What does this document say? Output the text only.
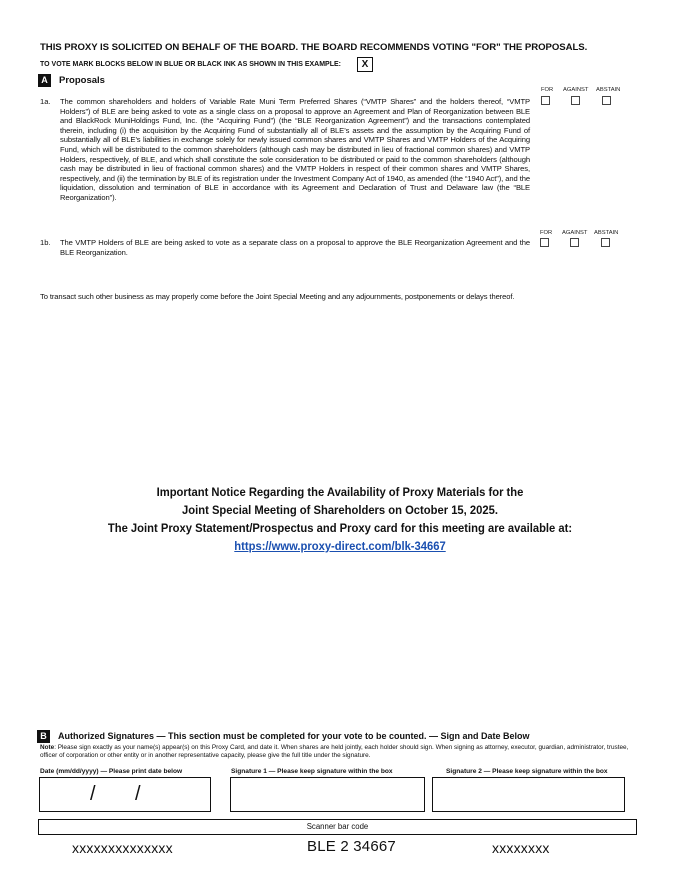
THIS PROXY IS SOLICITED ON BEHALF OF THE BOARD. THE BOARD RECOMMENDS VOTING "FOR" THE PROPOSALS.
TO VOTE MARK BLOCKS BELOW IN BLUE OR BLACK INK AS SHOWN IN THIS EXAMPLE:	X
A	Proposals
FOR AGAINST ABSTAIN
1a. The common shareholders and holders of Variable Rate Muni Term Preferred Shares (“VMTP Shares” and the holders thereof, “VMTP Holders”) of BLE are being asked to vote as a single class on a proposal to approve an Agreement and Plan of Reorganization between BLE and BlackRock MuniHoldings Fund, Inc. (the “Acquiring Fund”) (the “BLE Reorganization Agreement”) and the transactions contemplated therein, including (i) the acquisition by the Acquiring Fund of substantially all of BLE’s assets and the assumption by the Acquiring Fund of substantially all of BLE’s liabilities in exchange solely for newly issued common shares and VMTP Shares and VMTP Holders of the Acquiring Fund, which will be distributed to the common shareholders (although cash may be distributed in lieu of fractional common shares) and VMTP Holders, respectively, of BLE, and which shall constitute the sole consideration to be distributed or paid to the common shareholders (although cash may be distributed in lieu of fractional common shares) and the VMTP Holders in respect of their common shares and VMTP Shares, respectively, and (ii) the termination by BLE of its registration under the Investment Company Act of 1940, as amended (the “1940 Act”), and the liquidation, dissolution and termination of BLE in accordance with its Agreement and Declaration of Trust and Delaware law (the “BLE Reorganization”).
FOR AGAINST ABSTAIN
1b. The VMTP Holders of BLE are being asked to vote as a separate class on a proposal to approve the BLE Reorganization Agreement and the BLE Reorganization.
To transact such other business as may properly come before the Joint Special Meeting and any adjournments, postponements or delays thereof.
Important Notice Regarding the Availability of Proxy Materials for the
Joint Special Meeting of Shareholders on October 15, 2025.
The Joint Proxy Statement/Prospectus and Proxy card for this meeting are available at:
https://www.proxy-direct.com/blk-34667
B	Authorized Signatures — This section must be completed for your vote to be counted. — Sign and Date Below
Note: Please sign exactly as your name(s) appear(s) on this Proxy Card, and date it. When shares are held jointly, each holder should sign. When signing as attorney, executor, guardian, administrator, trustee, officer of corporation or other entity or in another representative capacity, please give the full title under the signature.
Date (mm/dd/yyyy) — Please print date below	Signature 1 — Please keep signature within the box	Signature 2 — Please keep signature within the box
/ /
Scanner bar code
xxxxxxxxxxxxxx	BLE 2 34667	xxxxxxxx
